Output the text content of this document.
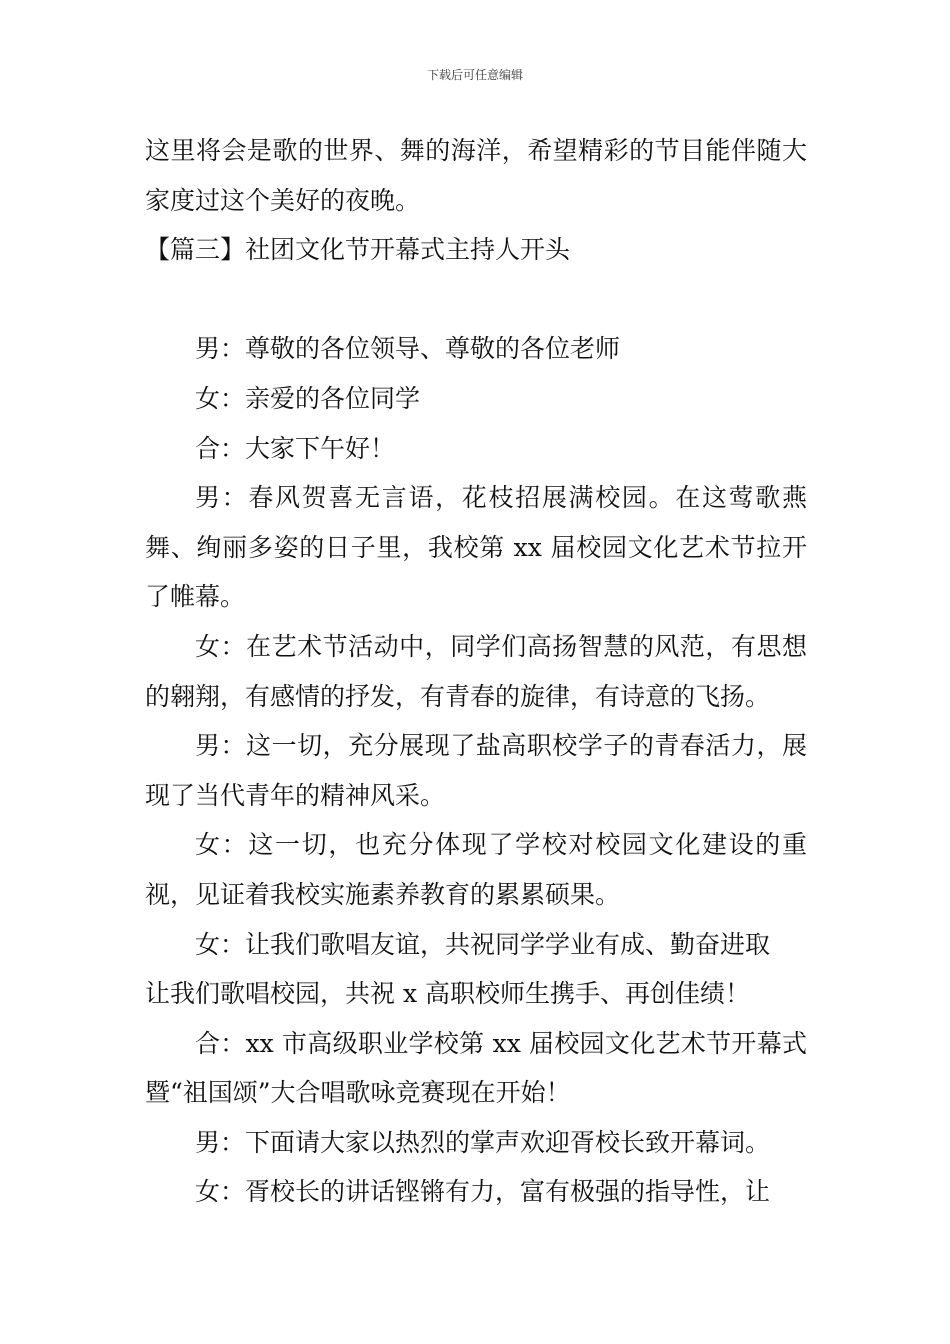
下载后可任意编辑

这里将会是歌的世界、舞的海洋，希望精彩的节目能伴随大家度过这个美好的夜晚。

【篇三】社团文化节开幕式主持人开头

男：尊敬的各位领导、尊敬的各位老师

女：亲爱的各位同学

合：大家下午好！

男：春风贺喜无言语，花枝招展满校园。在这莺歌燕舞、绚丽多姿的日子里，我校第 xx 届校园文化艺术节拉开了帷幕。

女：在艺术节活动中，同学们高扬智慧的风范，有思想的翱翔，有感情的抒发，有青春的旋律，有诗意的飞扬。

男：这一切，充分展现了盐高职校学子的青春活力，展现了当代青年的精神风采。

女：这一切，也充分体现了学校对校园文化建设的重视，见证着我校实施素养教育的累累硕果。

女：让我们歌唱友谊，共祝同学学业有成、勤奋进取

让我们歌唱校园，共祝 x 高职校师生携手、再创佳绩！

合：xx 市高级职业学校第 xx 届校园文化艺术节开幕式暨“祖国颂”大合唱歌咏竞赛现在开始！

男：下面请大家以热烈的掌声欢迎胥校长致开幕词。

女：胥校长的讲话铿锵有力，富有极强的指导性，让
